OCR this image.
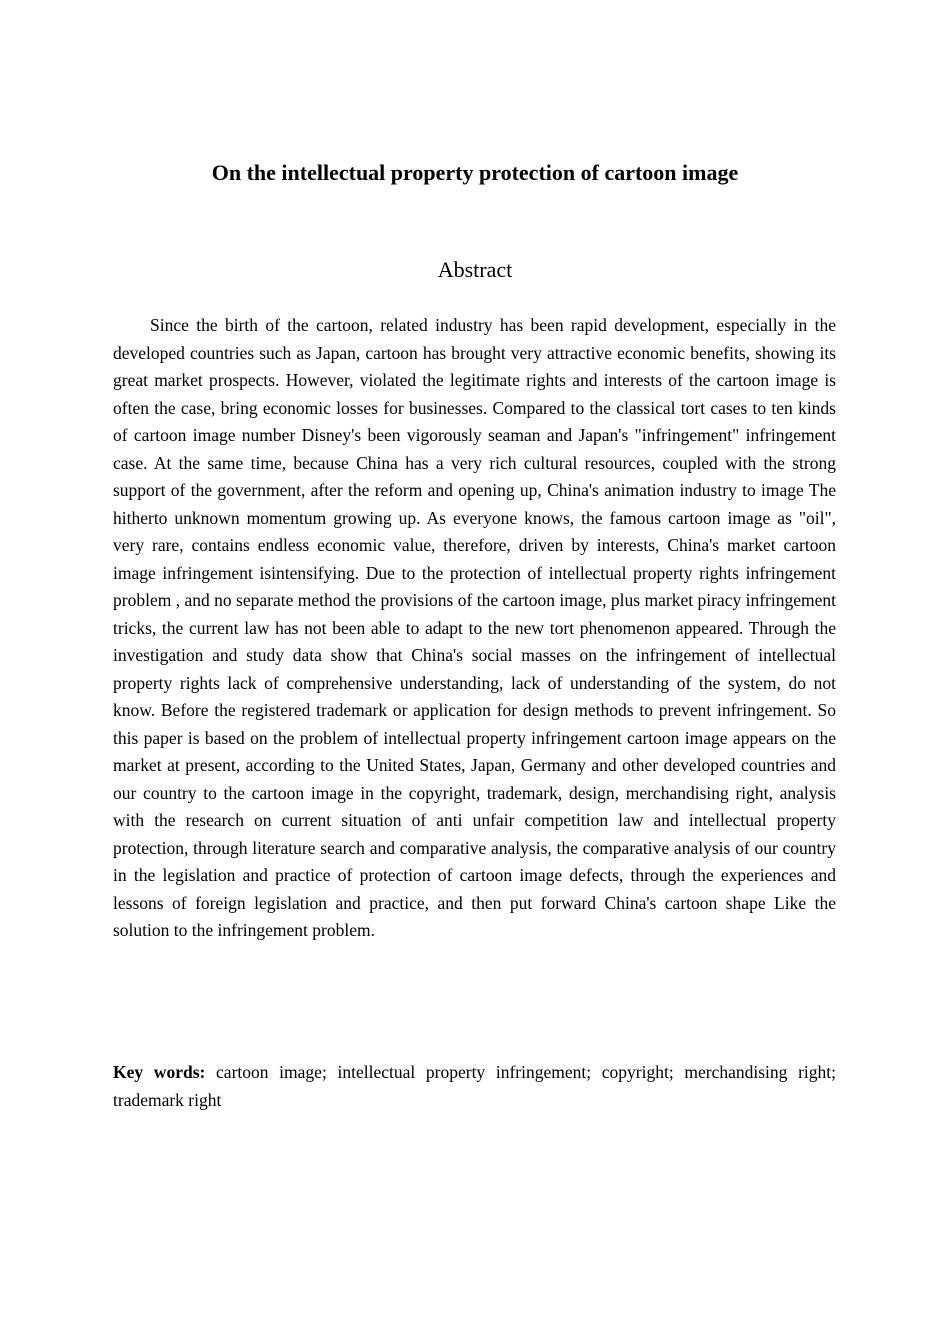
On the intellectual property protection of cartoon image
Abstract

Since the birth of the cartoon, related industry has been rapid development, especially in the developed countries such as Japan, cartoon has brought very attractive economic benefits, showing its great market prospects. However, violated the legitimate rights and interests of the cartoon image is often the case, bring economic losses for businesses. Compared to the classical tort cases to ten kinds of cartoon image number Disney's been vigorously seaman and Japan's "infringement" infringement case. At the same time, because China has a very rich cultural resources, coupled with the strong support of the government, after the reform and opening up, China's animation industry to image The hitherto unknown momentum growing up. As everyone knows, the famous cartoon image as "oil", very rare, contains endless economic value, therefore, driven by interests, China's market cartoon image infringement isintensifying. Due to the protection of intellectual property rights infringement problem , and no separate method the provisions of the cartoon image, plus market piracy infringement tricks, the current law has not been able to adapt to the new tort phenomenon appeared. Through the investigation and study data show that China's social masses on the infringement of intellectual property rights lack of comprehensive understanding, lack of understanding of the system, do not know. Before the registered trademark or application for design methods to prevent infringement. So this paper is based on the problem of intellectual property infringement cartoon image appears on the market at present, according to the United States, Japan, Germany and other developed countries and our country to the cartoon image in the copyright, trademark, design, merchandising right, analysis with the research on current situation of anti unfair competition law and intellectual property protection, through literature search and comparative analysis, the comparative analysis of our country in the legislation and practice of protection of cartoon image defects, through the experiences and lessons of foreign legislation and practice, and then put forward China's cartoon shape Like the solution to the infringement problem.

Key words: cartoon image; intellectual property infringement; copyright; merchandising right; trademark right
